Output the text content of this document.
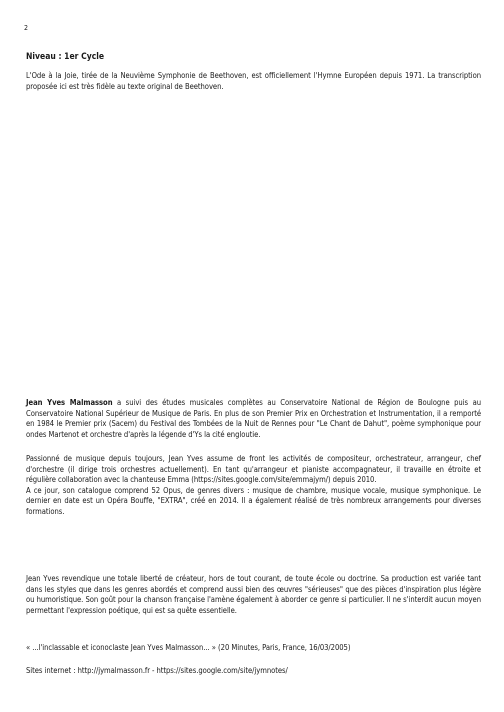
2
Niveau : 1er Cycle

L'Ode à la Joie, tirée de la Neuvième Symphonie de Beethoven, est officiellement l'Hymne Européen depuis 1971. La transcription proposée ici est très fidèle au texte original de Beethoven.

Jean Yves Malmasson a suivi des études musicales complètes au Conservatoire National de Région de Boulogne puis au Conservatoire National Supérieur de Musique de Paris. En plus de son Premier Prix en Orchestration et Instrumentation, il a remporté en 1984 le Premier prix (Sacem) du Festival des Tombées de la Nuit de Rennes pour "Le Chant de Dahut", poème symphonique pour ondes Martenot et orchestre d'après la légende d'Ys la cité engloutie.

Passionné de musique depuis toujours, Jean Yves assume de front les activités de compositeur, orchestrateur, arrangeur, chef d'orchestre (il dirige trois orchestres actuellement). En tant qu'arrangeur et pianiste accompagnateur, il travaille en étroite et régulière collaboration avec la chanteuse Emma (https://sites.google.com/site/emmajym/) depuis 2010.
A ce jour, son catalogue comprend 52 Opus, de genres divers : musique de chambre, musique vocale, musique symphonique. Le dernier en date est un Opéra Bouffe, "EXTRA", créé en 2014. Il a également réalisé de très nombreux arrangements pour diverses formations.

Jean Yves revendique une totale liberté de créateur, hors de tout courant, de toute école ou doctrine. Sa production est variée tant dans les styles que dans les genres abordés et comprend aussi bien des œuvres "sérieuses" que des pièces d'inspiration plus légère ou humoristique. Son goût pour la chanson française l'amène également à aborder ce genre si particulier. Il ne s'interdit aucun moyen permettant l'expression poétique, qui est sa quête essentielle.

« ...l'inclassable et iconoclaste Jean Yves Malmasson... » (20 Minutes, Paris, France, 16/03/2005)

Sites internet : http://jymalmasson.fr - https://sites.google.com/site/jymnotes/
